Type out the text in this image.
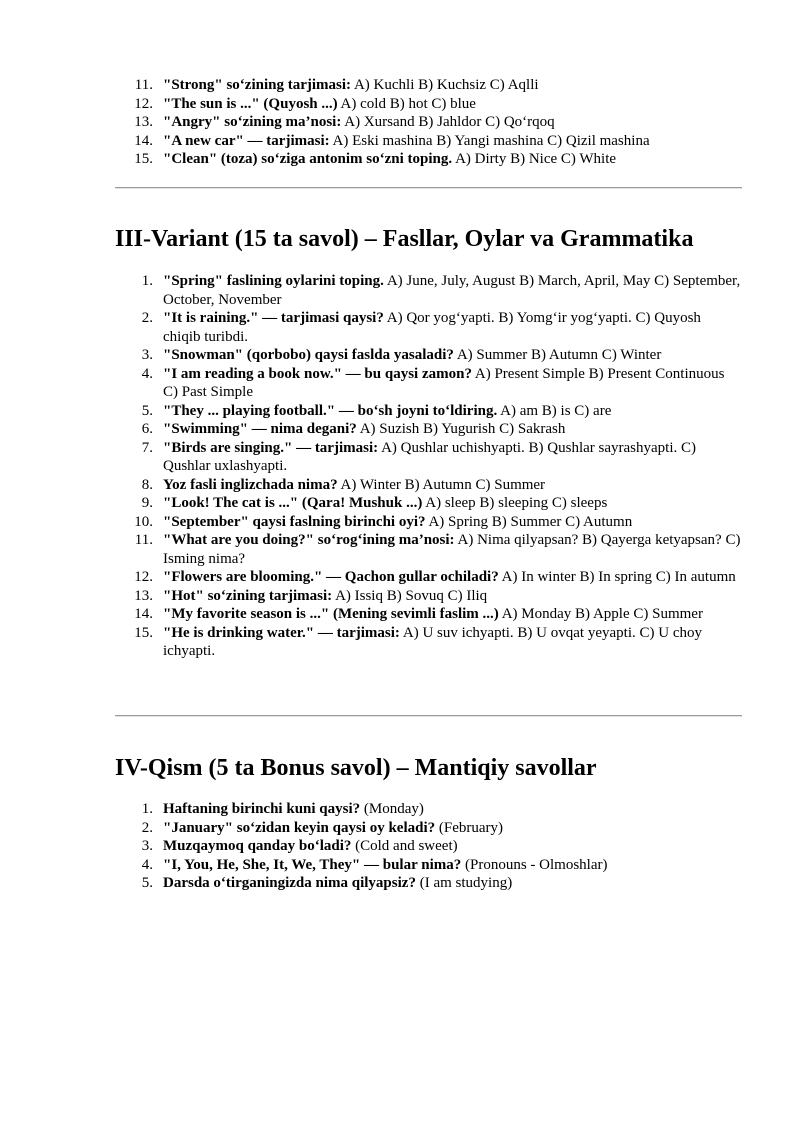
11. "Strong" so‘zining tarjimasi: A) Kuchli B) Kuchsiz C) Aqlli
12. "The sun is ..." (Quyosh ...) A) cold B) hot C) blue
13. "Angry" so‘zining ma’nosi: A) Xursand B) Jahldor C) Qo‘rqoq
14. "A new car" — tarjimasi: A) Eski mashina B) Yangi mashina C) Qizil mashina
15. "Clean" (toza) so‘ziga antonim so‘zni toping. A) Dirty B) Nice C) White
III-Variant (15 ta savol) – Fasllar, Oylar va Grammatika
1. "Spring" faslining oylarini toping. A) June, July, August B) March, April, May C) September, October, November
2. "It is raining." — tarjimasi qaysi? A) Qor yog‘yapti. B) Yomg‘ir yog‘yapti. C) Quyosh chiqib turibdi.
3. "Snowman" (qorbobo) qaysi faslda yasaladi? A) Summer B) Autumn C) Winter
4. "I am reading a book now." — bu qaysi zamon? A) Present Simple B) Present Continuous C) Past Simple
5. "They ... playing football." — bo‘sh joyni to‘ldiring. A) am B) is C) are
6. "Swimming" — nima degani? A) Suzish B) Yugurish C) Sakrash
7. "Birds are singing." — tarjimasi: A) Qushlar uchishyapti. B) Qushlar sayrashyapti. C) Qushlar uxlashyapti.
8. Yoz fasli inglizchada nima? A) Winter B) Autumn C) Summer
9. "Look! The cat is ..." (Qara! Mushuk ...) A) sleep B) sleeping C) sleeps
10. "September" qaysi faslning birinchi oyi? A) Spring B) Summer C) Autumn
11. "What are you doing?" so‘rog‘ining ma’nosi: A) Nima qilyapsan? B) Qayerga ketyapsan? C) Isming nima?
12. "Flowers are blooming." — Qachon gullar ochiladi? A) In winter B) In spring C) In autumn
13. "Hot" so‘zining tarjimasi: A) Issiq B) Sovuq C) Iliq
14. "My favorite season is ..." (Mening sevimli faslim ...) A) Monday B) Apple C) Summer
15. "He is drinking water." — tarjimasi: A) U suv ichyapti. B) U ovqat yeyapti. C) U choy ichyapti.
IV-Qism (5 ta Bonus savol) – Mantiqiy savollar
1. Haftaning birinchi kuni qaysi? (Monday)
2. "January" so‘zidan keyin qaysi oy keladi? (February)
3. Muzqaymoq qanday bo‘ladi? (Cold and sweet)
4. "I, You, He, She, It, We, They" — bular nima? (Pronouns - Olmoshlar)
5. Darsda o‘tirganingizda nima qilyapsiz? (I am studying)
